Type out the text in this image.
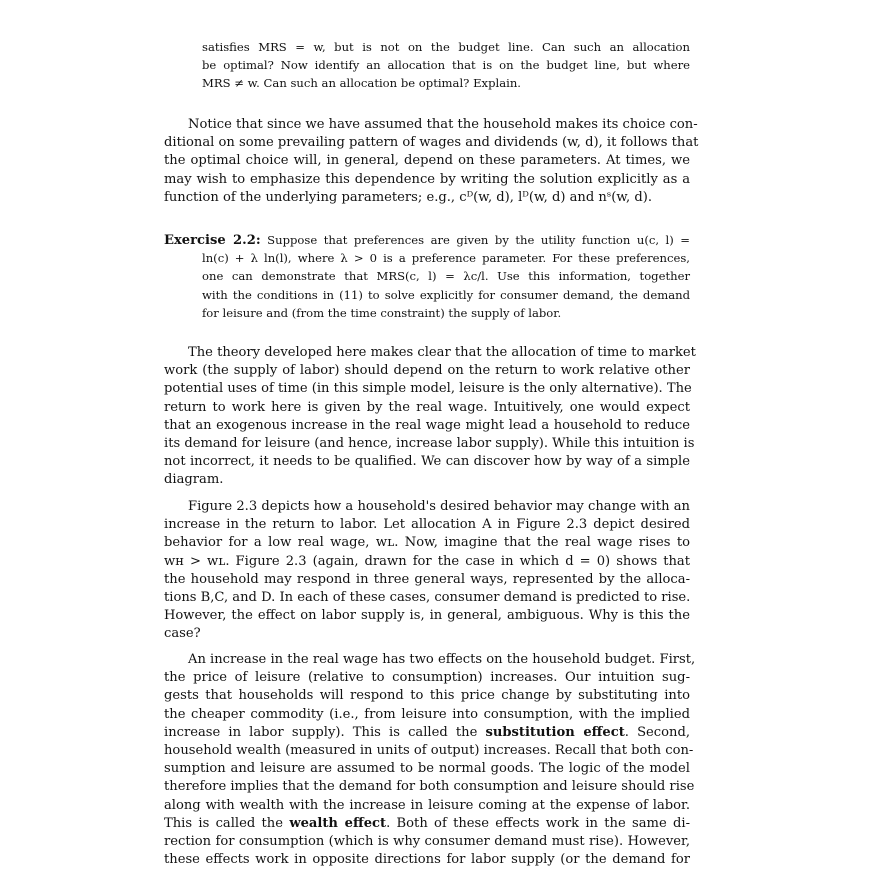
satisfies MRS = w, but is not on the budget line. Can such an allocation
be optimal? Now identify an allocation that is on the budget line, but where
MRS ≠ w. Can such an allocation be optimal? Explain.
Notice that since we have assumed that the household makes its choice con-
ditional on some prevailing pattern of wages and dividends (w, d), it follows that
the optimal choice will, in general, depend on these parameters. At times, we
may wish to emphasize this dependence by writing the solution explicitly as a
function of the underlying parameters; e.g., cᴰ(w, d), lᴰ(w, d) and nˢ(w, d).
Exercise 2.2: Suppose that preferences are given by the utility function u(c, l) =
ln(c) + λ ln(l), where λ > 0 is a preference parameter. For these preferences,
one can demonstrate that MRS(c, l) = λc/l. Use this information, together
with the conditions in (11) to solve explicitly for consumer demand, the demand
for leisure and (from the time constraint) the supply of labor.
The theory developed here makes clear that the allocation of time to market
work (the supply of labor) should depend on the return to work relative other
potential uses of time (in this simple model, leisure is the only alternative). The
return to work here is given by the real wage. Intuitively, one would expect
that an exogenous increase in the real wage might lead a household to reduce
its demand for leisure (and hence, increase labor supply). While this intuition is
not incorrect, it needs to be qualified. We can discover how by way of a simple
diagram.
Figure 2.3 depicts how a household's desired behavior may change with an
increase in the return to labor. Let allocation A in Figure 2.3 depict desired
behavior for a low real wage, wʟ. Now, imagine that the real wage rises to
wʜ > wʟ. Figure 2.3 (again, drawn for the case in which d = 0) shows that
the household may respond in three general ways, represented by the alloca-
tions B,C, and D. In each of these cases, consumer demand is predicted to rise.
However, the effect on labor supply is, in general, ambiguous. Why is this the
case?
An increase in the real wage has two effects on the household budget. First,
the price of leisure (relative to consumption) increases. Our intuition sug-
gests that households will respond to this price change by substituting into
the cheaper commodity (i.e., from leisure into consumption, with the implied
increase in labor supply). This is called the substitution effect. Second,
household wealth (measured in units of output) increases. Recall that both con-
sumption and leisure are assumed to be normal goods. The logic of the model
therefore implies that the demand for both consumption and leisure should rise
along with wealth with the increase in leisure coming at the expense of labor.
This is called the wealth effect. Both of these effects work in the same di-
rection for consumption (which is why consumer demand must rise). However,
these effects work in opposite directions for labor supply (or the demand for
